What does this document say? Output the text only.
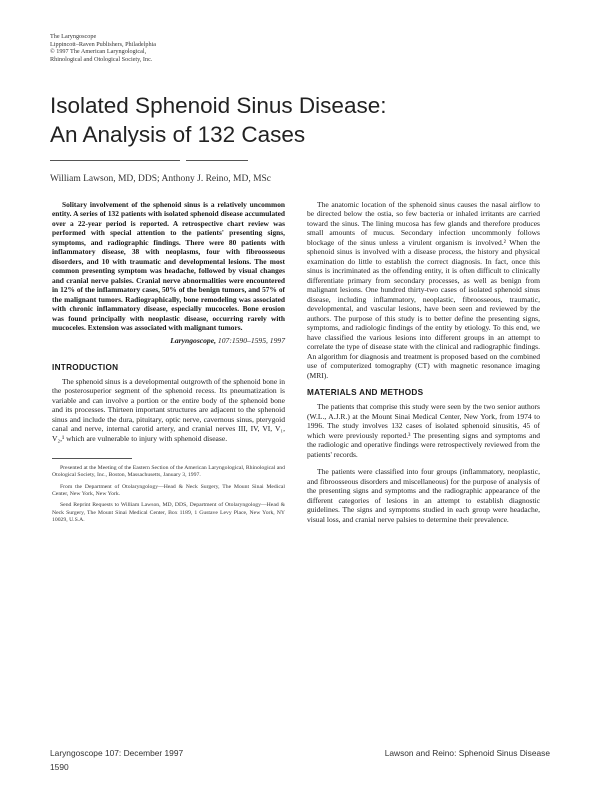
The Laryngoscope
Lippincott–Raven Publishers, Philadelphia
© 1997 The American Laryngological,
Rhinological and Otological Society, Inc.
Isolated Sphenoid Sinus Disease:
An Analysis of 132 Cases
William Lawson, MD, DDS; Anthony J. Reino, MD, MSc

Solitary involvement of the sphenoid sinus is a relatively uncommon entity. A series of 132 patients with isolated sphenoid disease accumulated over a 22-year period is reported. A retrospective chart review was performed with special attention to the patients' presenting signs, symptoms, and radiographic findings. There were 80 patients with inflammatory disease, 38 with neoplasms, four with fibroosseous disorders, and 10 with traumatic and developmental lesions. The most common presenting symptom was headache, followed by visual changes and cranial nerve palsies. Cranial nerve abnormalities were encountered in 12% of the inflammatory cases, 50% of the benign tumors, and 57% of the malignant tumors. Radiographically, bone remodeling was associated with chronic inflammatory disease, especially mucoceles. Bone erosion was found principally with neoplastic disease, occurring rarely with mucoceles. Extension was associated with malignant tumors.

Laryngoscope, 107:1590–1595, 1997
INTRODUCTION

The sphenoid sinus is a developmental outgrowth of the sphenoid bone in the posterosuperior segment of the sphenoid recess. Its pneumatization is variable and can involve a portion or the entire body of the sphenoid bone and its processes. Thirteen important structures are adjacent to the sphenoid sinus and include the dura, pituitary, optic nerve, cavernous sinus, pterygoid canal and nerve, internal carotid artery, and cranial nerves III, IV, VI, V₁, V₂,¹ which are vulnerable to injury with sphenoid disease.

Presented at the Meeting of the Eastern Section of the American Laryngological, Rhinological and Otological Society, Inc., Boston, Massachusetts, January 3, 1997.

From the Department of Otolaryngology—Head & Neck Surgery, The Mount Sinai Medical Center, New York, New York.

Send Reprint Requests to William Lawson, MD, DDS, Department of Otolaryngology—Head & Neck Surgery, The Mount Sinai Medical Center, Box 1189, 1 Gustave Levy Place, New York, NY 10029, U.S.A.

The anatomic location of the sphenoid sinus causes the nasal airflow to be directed below the ostia, so few bacteria or inhaled irritants are carried toward the sinus. The lining mucosa has few glands and therefore produces small amounts of mucus. Secondary infection uncommonly follows blockage of the sinus unless a virulent organism is involved.² When the sphenoid sinus is involved with a disease process, the history and physical examination do little to establish the correct diagnosis. In fact, once this sinus is incriminated as the offending entity, it is often difficult to clinically differentiate primary from secondary processes, as well as benign from malignant lesions. One hundred thirty-two cases of isolated sphenoid sinus disease, including inflammatory, neoplastic, fibroosseous, traumatic, developmental, and vascular lesions, have been seen and reviewed by the authors. The purpose of this study is to better define the presenting signs, symptoms, and radiologic findings of the entity by etiology. To this end, we have classified the various lesions into different groups in an attempt to correlate the type of disease state with the clinical and radiographic findings. An algorithm for diagnosis and treatment is proposed based on the combined use of computerized tomography (CT) with magnetic resonance imaging (MRI).

MATERIALS AND METHODS

The patients that comprise this study were seen by the two senior authors (W.L., A.J.R.) at the Mount Sinai Medical Center, New York, from 1974 to 1996. The study involves 132 cases of isolated sphenoid sinusitis, 45 of which were previously reported.³ The presenting signs and symptoms and the radiologic and operative findings were retrospectively reviewed from the patients' records.

The patients were classified into four groups (inflammatory, neoplastic, and fibroosseous disorders and miscellaneous) for the purpose of analysis of the presenting signs and symptoms and the radiographic appearance of the different categories of lesions in an attempt to establish diagnostic guidelines. The signs and symptoms studied in each group were headache, visual loss, and cranial nerve palsies to determine their prevalence.

Laryngoscope 107: December 1997	Lawson and Reino: Sphenoid Sinus Disease
1590
